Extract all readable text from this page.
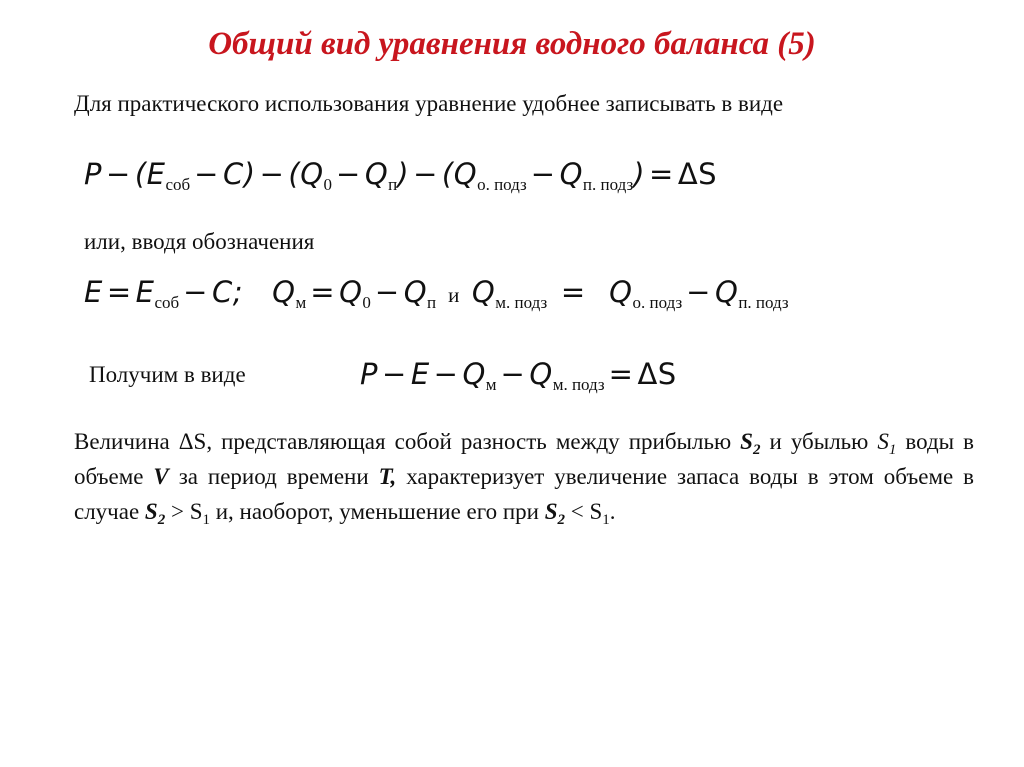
Общий вид уравнения водного баланса (5)
Для практического использования уравнение удобнее записывать в виде
$P - (E_{соб} - C) - (Q_0 - Q_п) - (Q_{о. подз} - Q_{п. подз}) = \Delta S$
или, вводя обозначения
$E = E_{соб} - C$;   $Q_м = Q_0 - Q_п$ и $Q_{м. подз} = Q_{о. подз} - Q_{п. подз}$
Получим в виде	$P - E - Q_м - Q_{м. подз} = \Delta S$
Величина ΔS, представляющая собой разность между прибылью $S_2$ и убылью $S_1$ воды в объеме V за период времени T, характеризует увеличение запаса воды в этом объеме в случае $S_2 > S_1$ и, наоборот, уменьшение его при $S_2 < S_1$.
